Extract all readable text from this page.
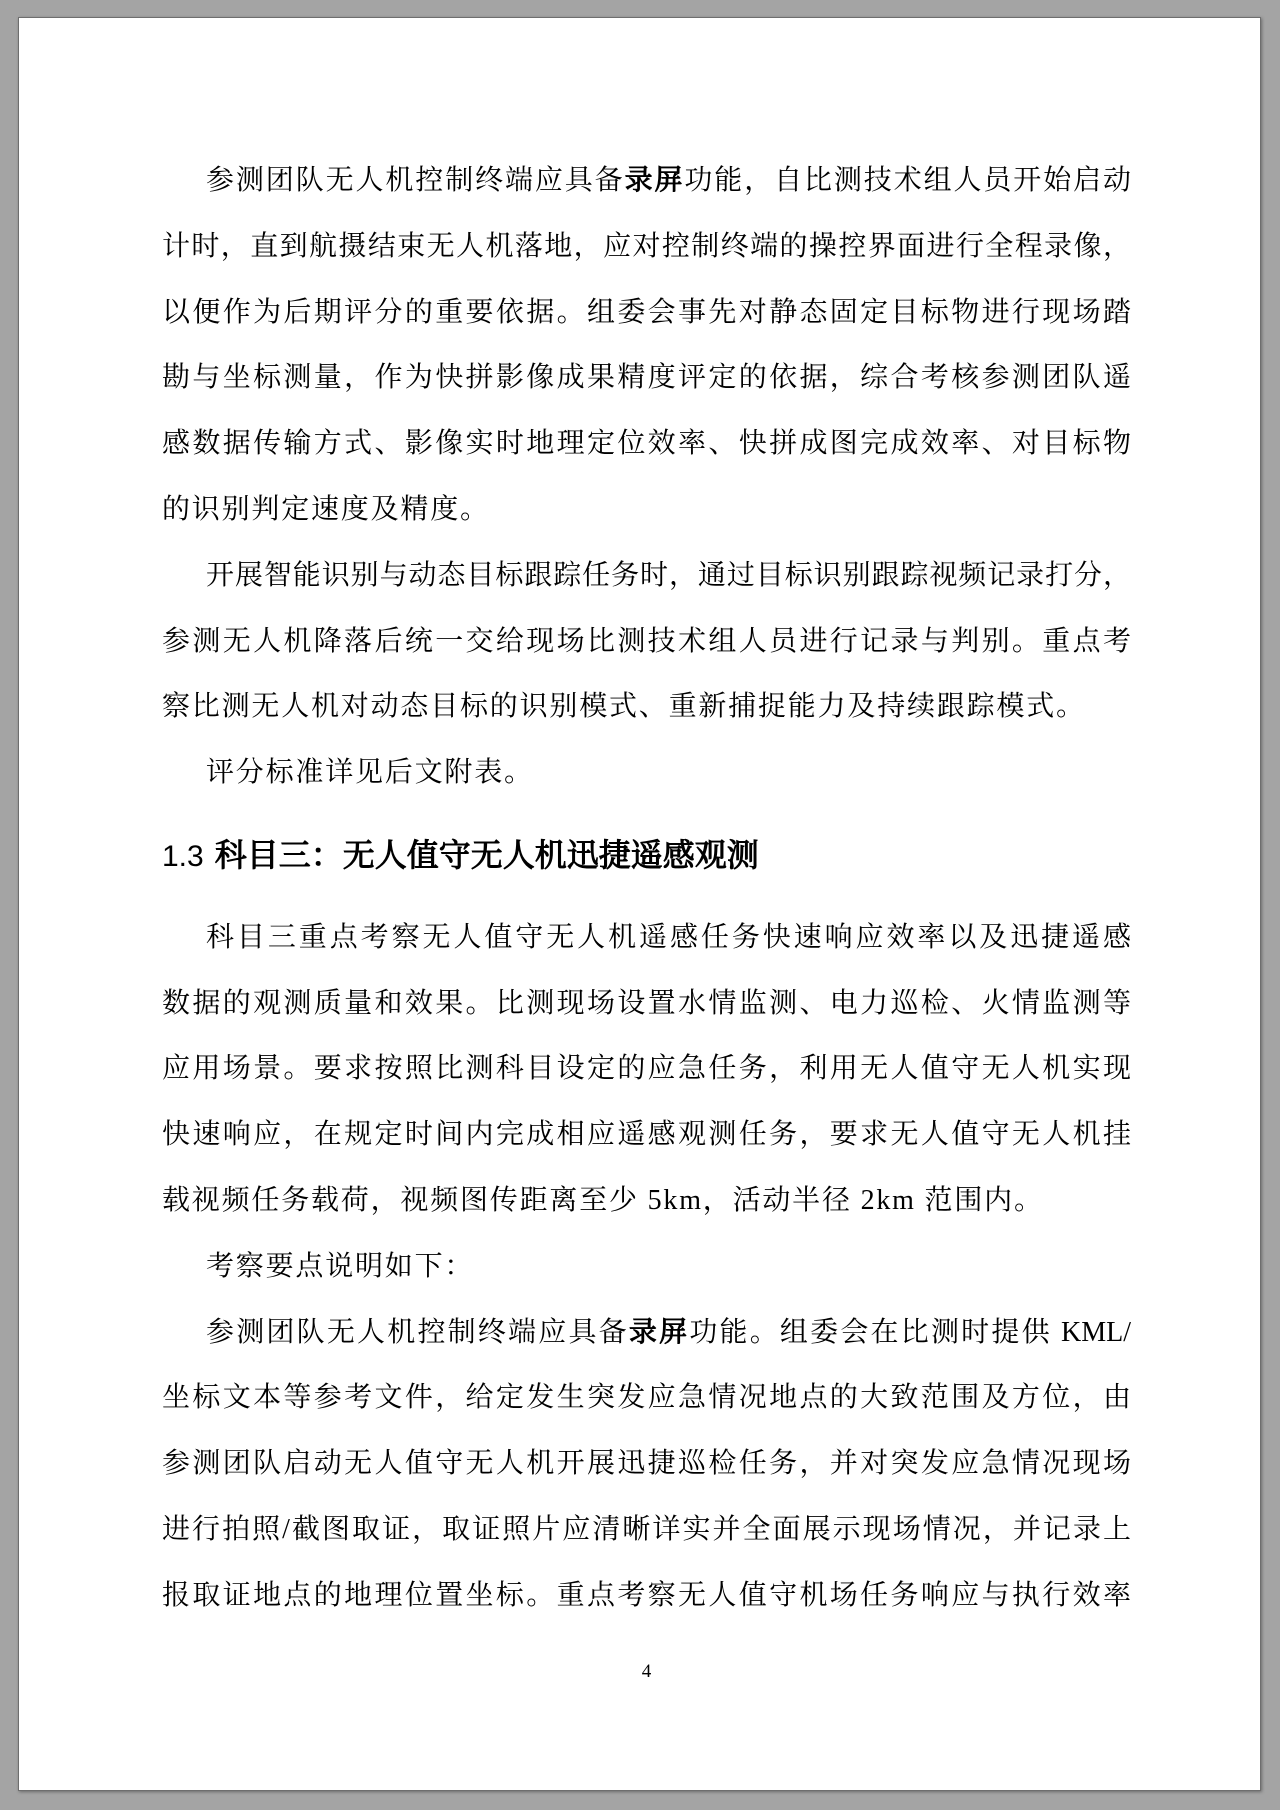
参测团队无人机控制终端应具备录屏功能，自比测技术组人员开始启动
计时，直到航摄结束无人机落地，应对控制终端的操控界面进行全程录像，
以便作为后期评分的重要依据。组委会事先对静态固定目标物进行现场踏
勘与坐标测量，作为快拼影像成果精度评定的依据，综合考核参测团队遥
感数据传输方式、影像实时地理定位效率、快拼成图完成效率、对目标物
的识别判定速度及精度。
开展智能识别与动态目标跟踪任务时，通过目标识别跟踪视频记录打分，
参测无人机降落后统一交给现场比测技术组人员进行记录与判别。重点考
察比测无人机对动态目标的识别模式、重新捕捉能力及持续跟踪模式。
评分标准详见后文附表。
1.3 科目三：无人值守无人机迅捷遥感观测
科目三重点考察无人值守无人机遥感任务快速响应效率以及迅捷遥感
数据的观测质量和效果。比测现场设置水情监测、电力巡检、火情监测等
应用场景。要求按照比测科目设定的应急任务，利用无人值守无人机实现
快速响应，在规定时间内完成相应遥感观测任务，要求无人值守无人机挂
载视频任务载荷，视频图传距离至少 5km，活动半径 2km 范围内。
考察要点说明如下：
参测团队无人机控制终端应具备录屏功能。组委会在比测时提供 KML/
坐标文本等参考文件，给定发生突发应急情况地点的大致范围及方位，由
参测团队启动无人值守无人机开展迅捷巡检任务，并对突发应急情况现场
进行拍照/截图取证，取证照片应清晰详实并全面展示现场情况，并记录上
报取证地点的地理位置坐标。重点考察无人值守机场任务响应与执行效率
4
